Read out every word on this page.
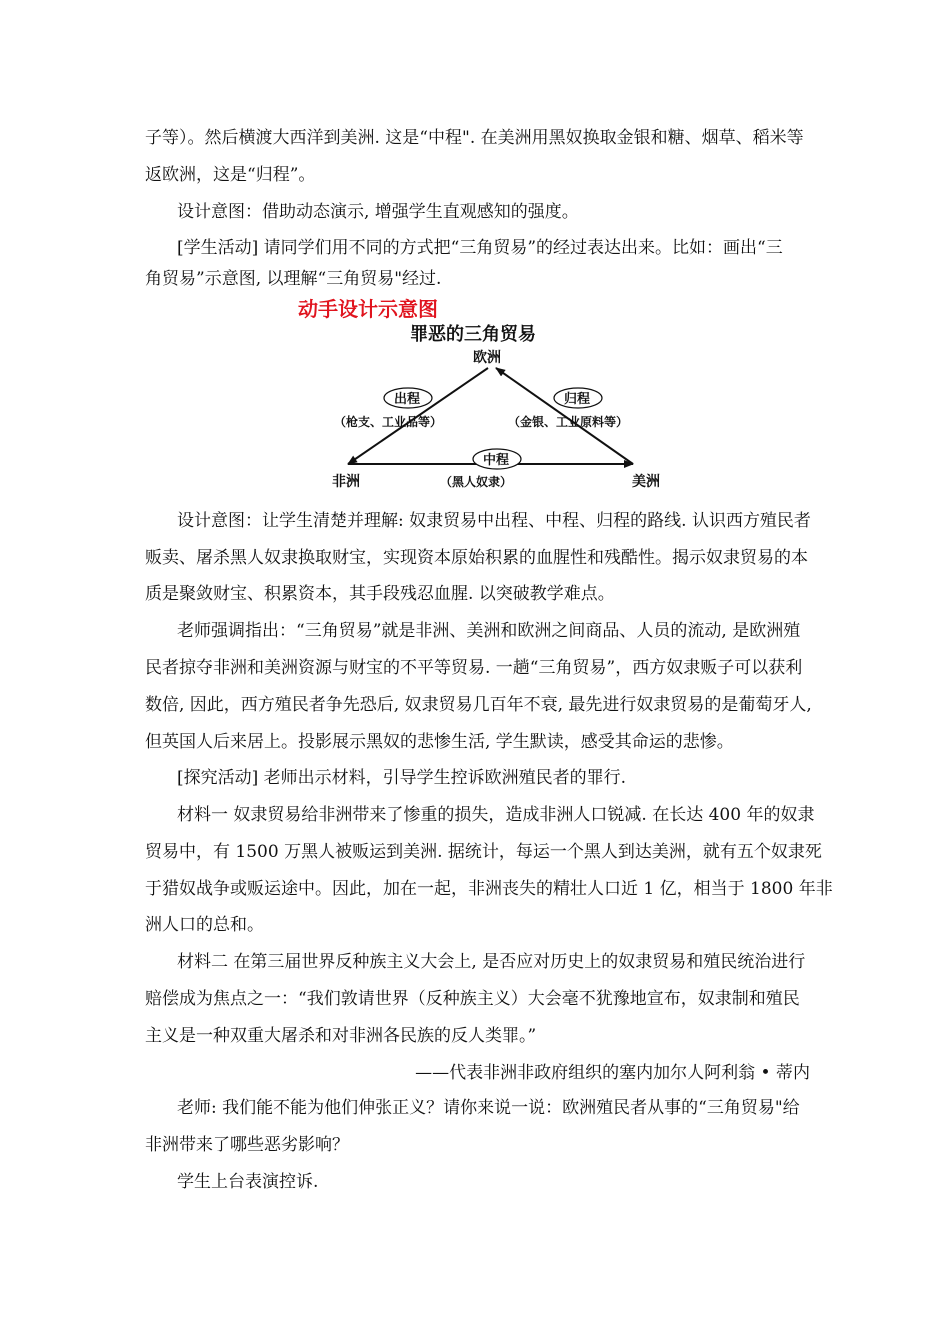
子等）。然后横渡大西洋到美洲. 这是“中程". 在美洲用黑奴换取金银和糖、烟草、稻米等
返欧洲，这是“归程”。
设计意图：借助动态演示, 增强学生直观感知的强度。
[学生活动] 请同学们用不同的方式把“三角贸易”的经过表达出来。比如：画出“三
角贸易”示意图, 以理解“三角贸易"经过.
动手设计示意图
罪恶的三角贸易
欧洲
非洲	美洲
出程
（枪支、工业品等）
归程
（金银、工业原料等）
中程
（黑人奴隶）
设计意图：让学生清楚并理解: 奴隶贸易中出程、中程、归程的路线. 认识西方殖民者
贩卖、屠杀黑人奴隶换取财宝，实现资本原始积累的血腥性和残酷性。揭示奴隶贸易的本
质是聚敛财宝、积累资本，其手段残忍血腥. 以突破教学难点。
老师强调指出：“三角贸易”就是非洲、美洲和欧洲之间商品、人员的流动, 是欧洲殖
民者掠夺非洲和美洲资源与财宝的不平等贸易. 一趟“三角贸易”，西方奴隶贩子可以获利
数倍, 因此，西方殖民者争先恐后, 奴隶贸易几百年不衰, 最先进行奴隶贸易的是葡萄牙人,
但英国人后来居上。投影展示黑奴的悲惨生活, 学生默读，感受其命运的悲惨。
[探究活动] 老师出示材料，引导学生控诉欧洲殖民者的罪行.
材料一 奴隶贸易给非洲带来了惨重的损失，造成非洲人口锐减. 在长达 400 年的奴隶
贸易中，有 1500 万黑人被贩运到美洲. 据统计，每运一个黑人到达美洲，就有五个奴隶死
于猎奴战争或贩运途中。因此，加在一起，非洲丧失的精壮人口近 1 亿，相当于 1800 年非
洲人口的总和。
材料二 在第三届世界反种族主义大会上, 是否应对历史上的奴隶贸易和殖民统治进行
赔偿成为焦点之一：“我们敦请世界（反种族主义）大会毫不犹豫地宣布，奴隶制和殖民
主义是一种双重大屠杀和对非洲各民族的反人类罪。”
——代表非洲非政府组织的塞内加尔人阿利翁 • 蒂内
老师: 我们能不能为他们伸张正义？请你来说一说：欧洲殖民者从事的“三角贸易"给
非洲带来了哪些恶劣影响？
学生上台表演控诉.
